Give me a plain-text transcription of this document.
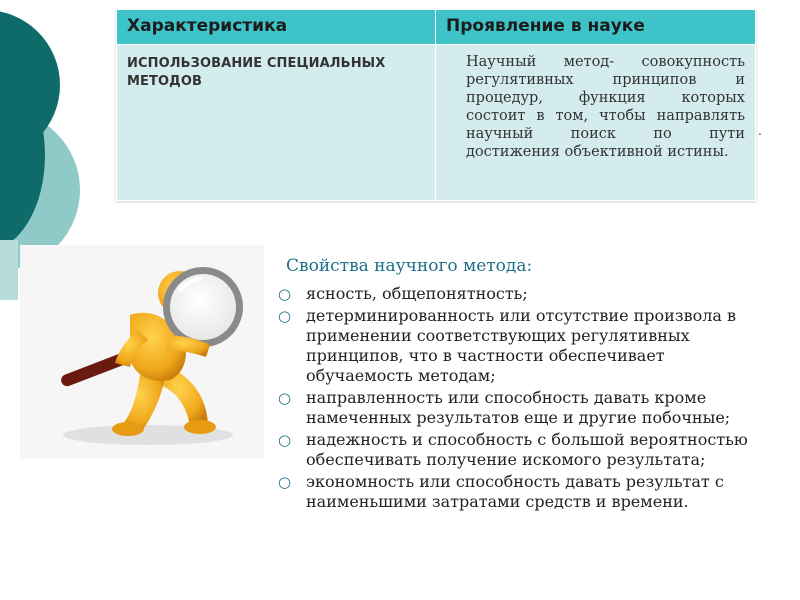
Характеристика	Проявление в науке
ИСПОЛЬЗОВАНИЕ СПЕЦИАЛЬНЫХ МЕТОДОВ	Научный метод- совокупность регулятивных принципов и процедур, функция которых состоит в том, чтобы направлять научный поиск по пути достижения объективной истины.
.
Свойства научного метода:
○ ясность, общепонятность;
○ детерминированность или отсутствие произвола в применении соответствующих регулятивных принципов, что в частности обеспечивает обучаемость методам;
○ направленность или способность давать кроме намеченных результатов еще и другие побочные;
○ надежность и способность с большой вероятностью обеспечивать получение искомого результата;
○ экономность или способность давать результат с наименьшими затратами средств и времени.
